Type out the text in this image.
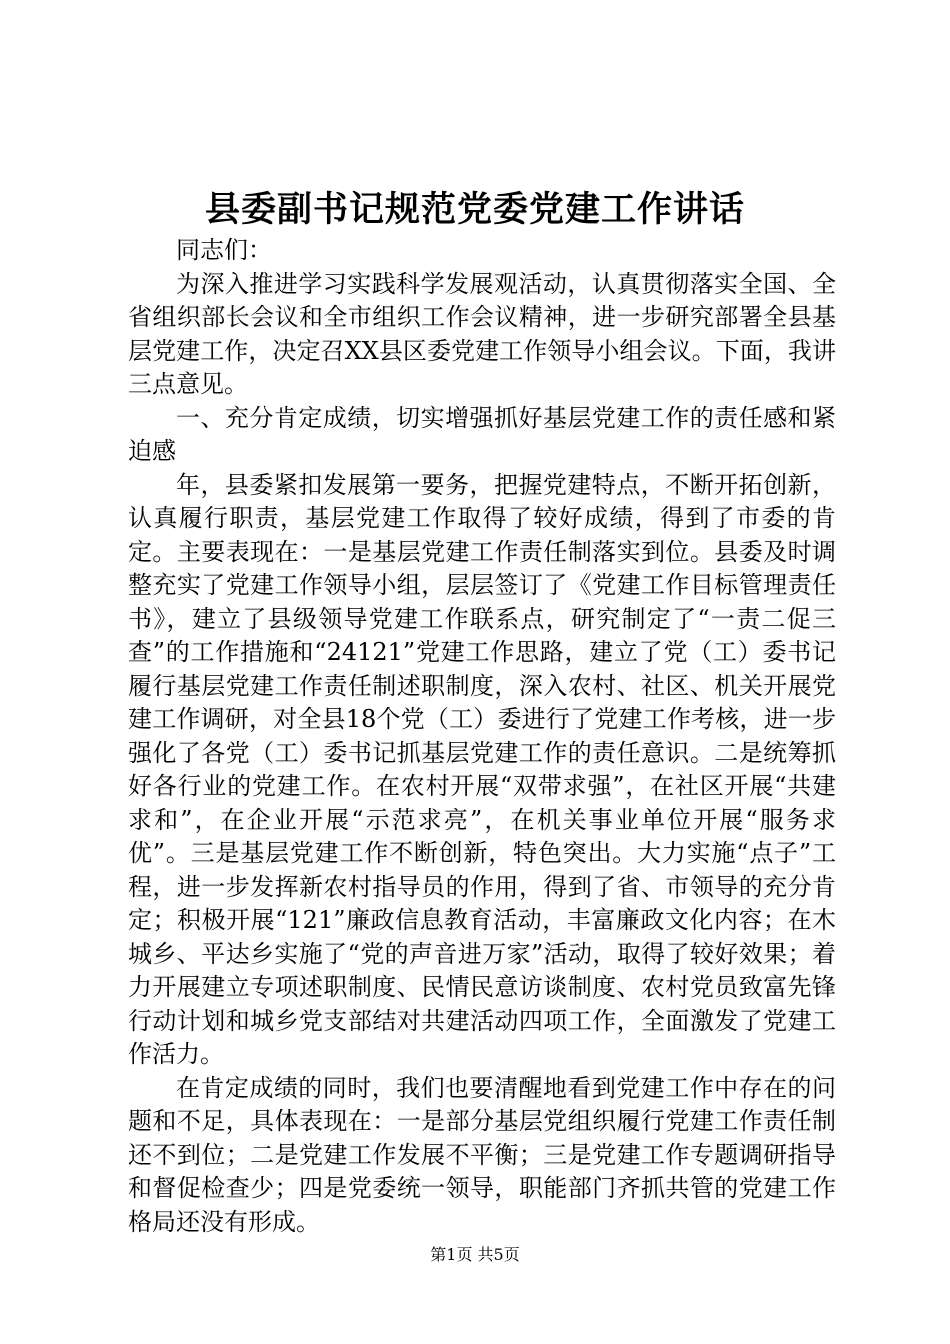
县委副书记规范党委党建工作讲话

同志们：

为深入推进学习实践科学发展观活动，认真贯彻落实全国、全省组织部长会议和全市组织工作会议精神，进一步研究部署全县基层党建工作，决定召XX县区委党建工作领导小组会议。下面，我讲三点意见。

一、充分肯定成绩，切实增强抓好基层党建工作的责任感和紧迫感

年，县委紧扣发展第一要务，把握党建特点，不断开拓创新，认真履行职责，基层党建工作取得了较好成绩，得到了市委的肯定。主要表现在：一是基层党建工作责任制落实到位。县委及时调整充实了党建工作领导小组，层层签订了《党建工作目标管理责任书》，建立了县级领导党建工作联系点，研究制定了“一责二促三查”的工作措施和“24121”党建工作思路，建立了党（工）委书记履行基层党建工作责任制述职制度，深入农村、社区、机关开展党建工作调研，对全县18个党（工）委进行了党建工作考核，进一步强化了各党（工）委书记抓基层党建工作的责任意识。二是统筹抓好各行业的党建工作。在农村开展“双带求强”，在社区开展“共建求和”，在企业开展“示范求亮”，在机关事业单位开展“服务求优”。三是基层党建工作不断创新，特色突出。大力实施“点子”工程，进一步发挥新农村指导员的作用，得到了省、市领导的充分肯定；积极开展“121”廉政信息教育活动，丰富廉政文化内容；在木城乡、平达乡实施了“党的声音进万家”活动，取得了较好效果；着力开展建立专项述职制度、民情民意访谈制度、农村党员致富先锋行动计划和城乡党支部结对共建活动四项工作，全面激发了党建工作活力。

在肯定成绩的同时，我们也要清醒地看到党建工作中存在的问题和不足，具体表现在：一是部分基层党组织履行党建工作责任制还不到位；二是党建工作发展不平衡；三是党建工作专题调研指导和督促检查少；四是党委统一领导，职能部门齐抓共管的党建工作格局还没有形成。

第1页 共5页
